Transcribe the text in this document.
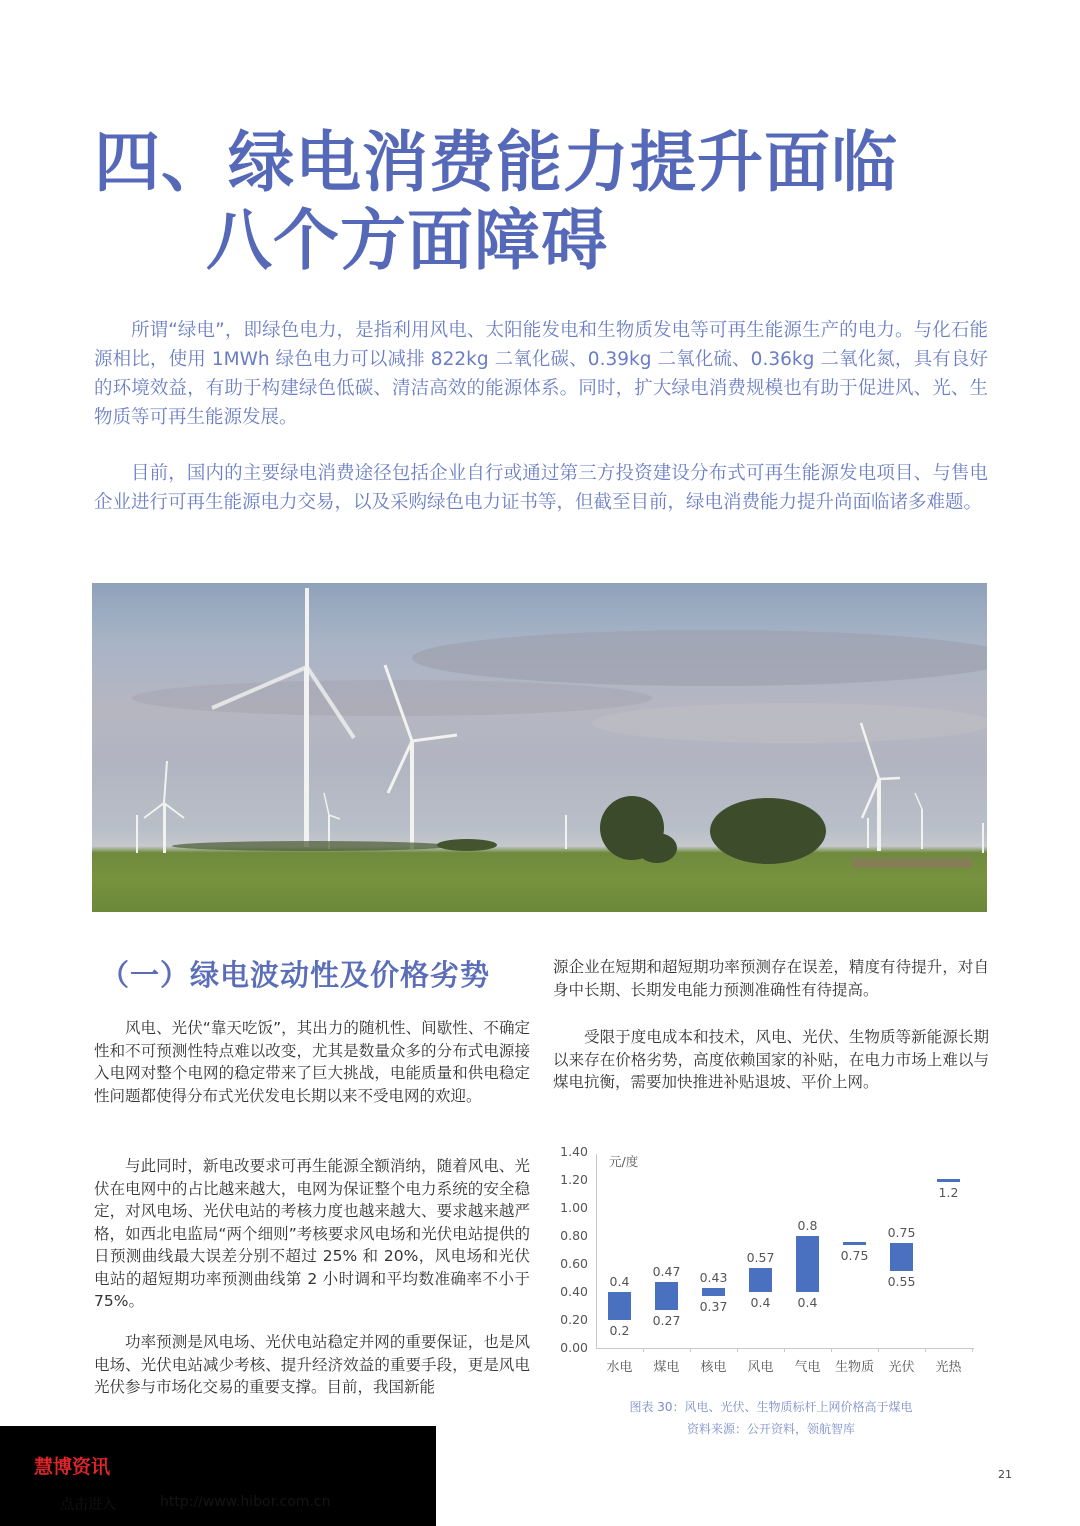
四、绿电消费能力提升面临
八个方面障碍

所谓“绿电”，即绿色电力，是指利用风电、太阳能发电和生物质发电等可再生能源生产的电力。与化石能源相比，使用 1MWh 绿色电力可以减排 822kg 二氧化碳、0.39kg 二氧化硫、0.36kg 二氧化氮，具有良好的环境效益，有助于构建绿色低碳、清洁高效的能源体系。同时，扩大绿电消费规模也有助于促进风、光、生物质等可再生能源发展。

目前，国内的主要绿电消费途径包括企业自行或通过第三方投资建设分布式可再生能源发电项目、与售电企业进行可再生能源电力交易，以及采购绿色电力证书等，但截至目前，绿电消费能力提升尚面临诸多难题。

（一）绿电波动性及价格劣势

风电、光伏“靠天吃饭”，其出力的随机性、间歇性、不确定性和不可预测性特点难以改变，尤其是数量众多的分布式电源接入电网对整个电网的稳定带来了巨大挑战，电能质量和供电稳定性问题都使得分布式光伏发电长期以来不受电网的欢迎。

与此同时，新电改要求可再生能源全额消纳，随着风电、光伏在电网中的占比越来越大，电网为保证整个电力系统的安全稳定，对风电场、光伏电站的考核力度也越来越大、要求越来越严格，如西北电监局“两个细则”考核要求风电场和光伏电站提供的日预测曲线最大误差分别不超过 25% 和 20%，风电场和光伏电站的超短期功率预测曲线第 2 小时调和平均数准确率不小于 75%。

功率预测是风电场、光伏电站稳定并网的重要保证，也是风电场、光伏电站减少考核、提升经济效益的重要手段，更是风电光伏参与市场化交易的重要支撑。目前，我国新能

源企业在短期和超短期功率预测存在误差，精度有待提升，对自身中长期、长期发电能力预测准确性有待提高。

受限于度电成本和技术，风电、光伏、生物质等新能源长期以来存在价格劣势，高度依赖国家的补贴，在电力市场上难以与煤电抗衡，需要加快推进补贴退坡、平价上网。

元/度
0.00
0.20
0.40
0.60
0.80
1.00
1.20
1.40
水电
0.4
0.2
煤电
0.47
0.27
核电
0.43
0.37
风电
0.57
0.4
气电
0.8
0.4
生物质
0.75
光伏
0.75
0.55
光热
1.2
图表 30：风电、光伏、生物质标杆上网价格高于煤电
资料来源：公开资料，领航智库
21
慧博资讯
点击进入	http://www.hibor.com.cn
